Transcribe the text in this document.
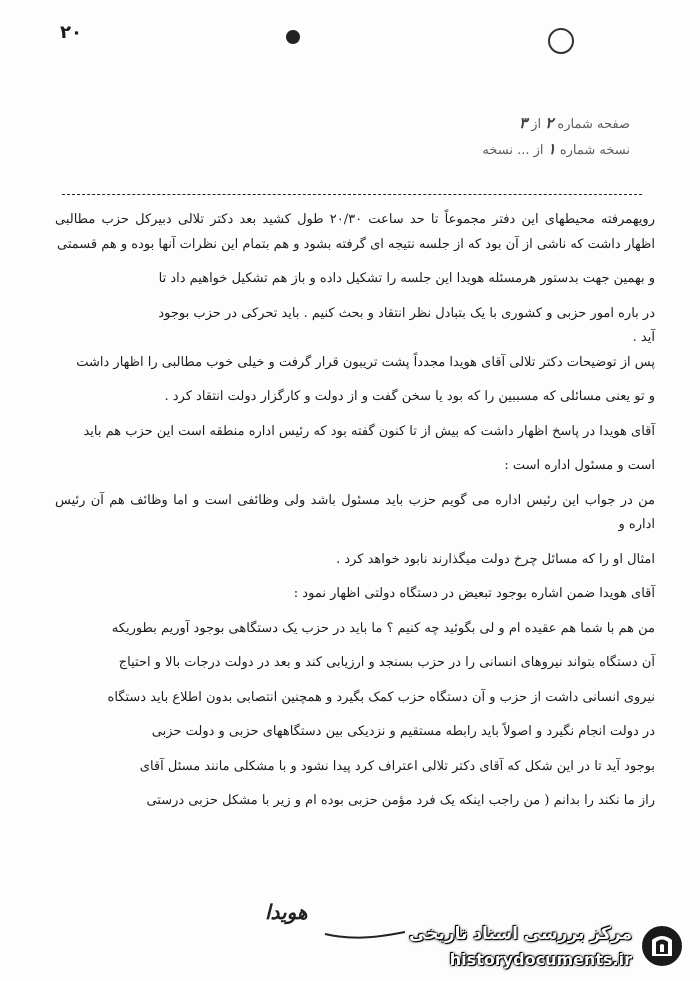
۲۰
صفحه شماره ۲ از ۳
نسخه شماره ۱ از ... نسخه

رویهمرفته محیطهای این دفتر مجموعاً تا حد ساعت ۲۰/۳۰ طول کشید بعد دکتر تلالی دبیرکل حزب مطالبی اظهار داشت که ناشی از آن بود که از جلسه نتیجه ای گرفته بشود و هم بتمام این نظرات آنها بوده و هم قسمتی

و بهمین جهت بدستور هرمسئله هویدا این جلسه را تشکیل داده و باز هم تشکیل خواهیم داد تا

در باره امور حزبی و کشوری با یک بتبادل نظر انتقاد و بحث کنیم . باید تحرکی در حزب بوجود

آید .

پس از توضیحات دکتر تلالی آقای هویدا مجدداً پشت تریبون قرار گرفت و خیلی خوب مطالبی را اظهار داشت

و تو یعنی مسائلی که مسببین را که بود یا سخن گفت و از دولت و کارگزار دولت انتقاد کرد .

آقای هویدا در پاسخ اظهار داشت که بیش از تا کنون گفته بود که رئیس اداره منطقه است این حزب هم باید

است و مسئول اداره است :

من در جواب این رئیس اداره می گویم حزب باید مسئول باشد ولی وظائفی است و اما وظائف هم آن رئیس اداره و

امثال او را که مسائل چرخ دولت میگذارند نابود خواهد کرد .

آقای هویدا ضمن اشاره بوجود تبعیض در دستگاه دولتی اظهار نمود :

من هم با شما هم عقیده ام و لی بگوئید چه کنیم ؟ ما باید در حزب یک دستگاهی بوجود آوریم بطوریکه

آن دستگاه بتواند نیروهای انسانی را در حزب بسنجد و ارزیابی کند و بعد در دولت درجات بالا و احتیاج

نیروی انسانی داشت از حزب و آن دستگاه حزب کمک بگیرد و همچنین انتصابی بدون اطلاع باید دستگاه

در دولت انجام نگیرد و اصولاً باید رابطه مستقیم و نزدیکی بین دستگاههای حزبی و دولت حزبی

بوجود آید تا در این شکل که آقای دکتر تلالی اعتراف کرد پیدا نشود و با مشکلی مانند مسئل آقای

راز ما نکند را بدانم ( من راجب اینکه یک فرد مؤمن حزبی بوده ام و زیر با مشکل حزبی درستی

هویدا
مرکز بررسی اسناد تاریخی
historydocuments.ir
